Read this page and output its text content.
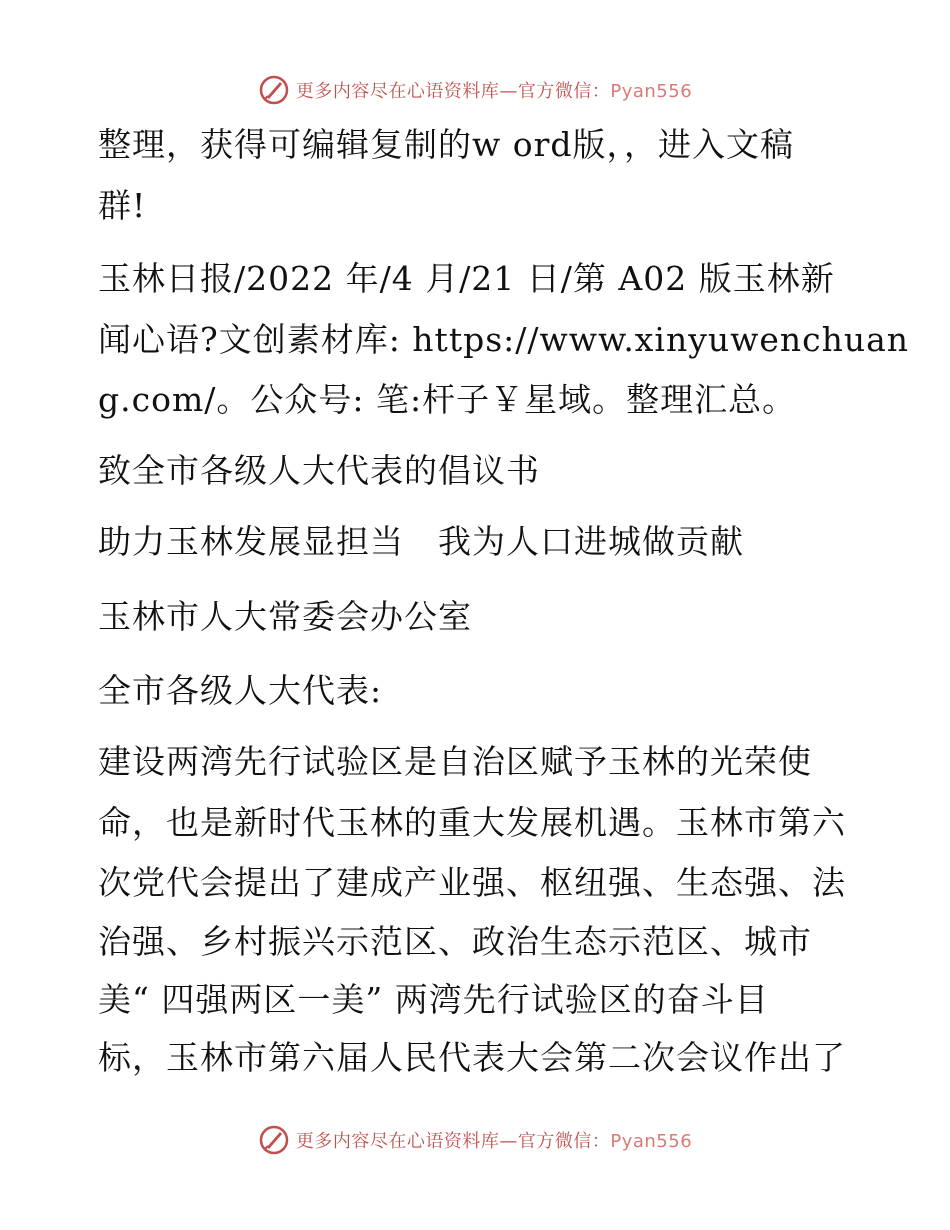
更多内容尽在心语资料库—官方微信：Pyan556
整理，获得可编辑复制的w ord版，，进入文稿
群!
玉林日报/2022 年/4 月/21 日/第 A02 版玉林新
闻心语?文创素材库: https://www.xinyuwenchuan
g.com/。公众号: 笔:杆子￥星域。整理汇总。
致全市各级人大代表的倡议书
助力玉林发展显担当　我为人口进城做贡献
玉林市人大常委会办公室
全市各级人大代表:
建设两湾先行试验区是自治区赋予玉林的光荣使
命，也是新时代玉林的重大发展机遇。玉林市第六
次党代会提出了建成产业强、枢纽强、生态强、法
治强、乡村振兴示范区、政治生态示范区、城市
美“ 四强两区一美” 两湾先行试验区的奋斗目
标，玉林市第六届人民代表大会第二次会议作出了
更多内容尽在心语资料库—官方微信：Pyan556
